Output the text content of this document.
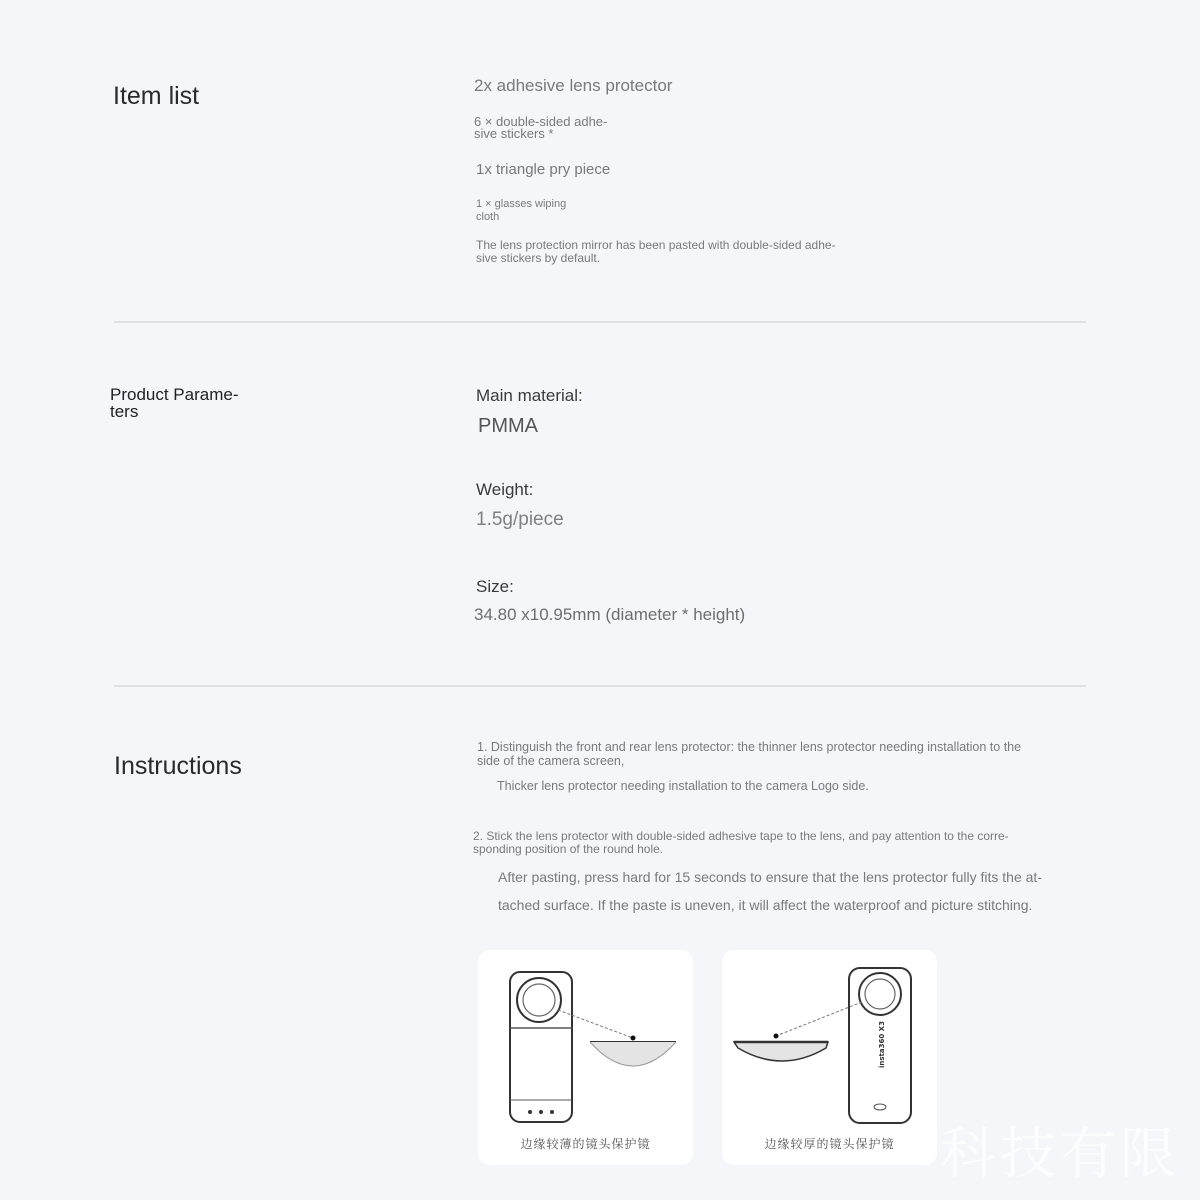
Item list	2x adhesive lens protector
6 × double-sided adhe-
sive stickers *
1x triangle pry piece
1 × glasses wiping
cloth
The lens protection mirror has been pasted with double-sided adhe-
sive stickers by default.
Product Parame-
ters
Main material:
PMMA
Weight:
1.5g/piece
Size:
34.80 x10.95mm (diameter * height)
Instructions
1. Distinguish the front and rear lens protector: the thinner lens protector needing installation to the
side of the camera screen,
Thicker lens protector needing installation to the camera Logo side.
2. Stick the lens protector with double-sided adhesive tape to the lens, and pay attention to the corre-
sponding position of the round hole.
After pasting, press hard for 15 seconds to ensure that the lens protector fully fits the at-
tached surface. If the paste is uneven, it will affect the waterproof and picture stitching.
边缘较薄的镜头保护镜
insta360 X3
边缘较厚的镜头保护镜 科技有限
